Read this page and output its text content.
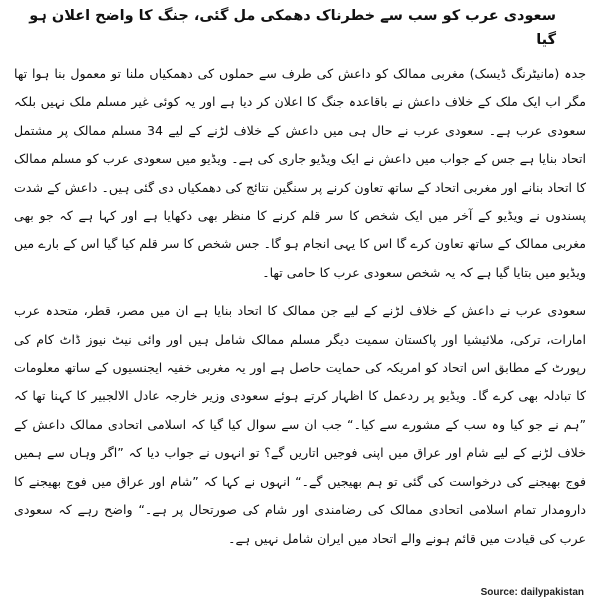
سعودی عرب کو سب سے خطرناک دھمکی مل گئی، جنگ کا واضح اعلان ہو گیا

جدہ (مانیٹرنگ ڈیسک) مغربی ممالک کو داعش کی طرف سے حملوں کی دھمکیاں ملنا تو معمول بنا ہوا تھا مگر اب ایک ملک کے خلاف داعش نے باقاعدہ جنگ کا اعلان کر دیا ہے اور یہ کوئی غیر مسلم ملک نہیں بلکہ سعودی عرب ہے۔ سعودی عرب نے حال ہی میں داعش کے خلاف لڑنے کے لیے 34 مسلم ممالک پر مشتمل اتحاد بنایا ہے جس کے جواب میں داعش نے ایک ویڈیو جاری کی ہے۔ ویڈیو میں سعودی عرب کو مسلم ممالک کا اتحاد بنانے اور مغربی اتحاد کے ساتھ تعاون کرنے پر سنگین نتائج کی دھمکیاں دی گئی ہیں۔ داعش کے شدت پسندوں نے ویڈیو کے آخر میں ایک شخص کا سر قلم کرنے کا منظر بھی دکھایا ہے اور کہا ہے کہ جو بھی مغربی ممالک کے ساتھ تعاون کرے گا اس کا یہی انجام ہو گا۔ جس شخص کا سر قلم کیا گیا اس کے بارے میں ویڈیو میں بتایا گیا ہے کہ یہ شخص سعودی عرب کا حامی تھا۔

سعودی عرب نے داعش کے خلاف لڑنے کے لیے جن ممالک کا اتحاد بنایا ہے ان میں مصر، قطر، متحدہ عرب امارات، ترکی، ملائیشیا اور پاکستان سمیت دیگر مسلم ممالک شامل ہیں اور وائی نیٹ نیوز ڈاٹ کام کی رپورٹ کے مطابق اس اتحاد کو امریکہ کی حمایت حاصل ہے اور یہ مغربی خفیہ ایجنسیوں کے ساتھ معلومات کا تبادلہ بھی کرے گا۔ ویڈیو پر ردعمل کا اظہار کرتے ہوئے سعودی وزیر خارجہ عادل الالجبیر کا کہنا تھا کہ ”ہم نے جو کیا وہ سب کے مشورے سے کیا۔“ جب ان سے سوال کیا گیا کہ اسلامی اتحادی ممالک داعش کے خلاف لڑنے کے لیے شام اور عراق میں اپنی فوجیں اتاریں گے؟ تو انہوں نے جواب دیا کہ ”اگر وہاں سے ہمیں فوج بھیجنے کی درخواست کی گئی تو ہم بھیجیں گے۔“ انہوں نے کہا کہ ”شام اور عراق میں فوج بھیجنے کا دارومدار تمام اسلامی اتحادی ممالک کی رضامندی اور شام کی صورتحال پر ہے۔“ واضح رہے کہ سعودی عرب کی قیادت میں قائم ہونے والے اتحاد میں ایران شامل نہیں ہے۔

Source: dailypakistan
